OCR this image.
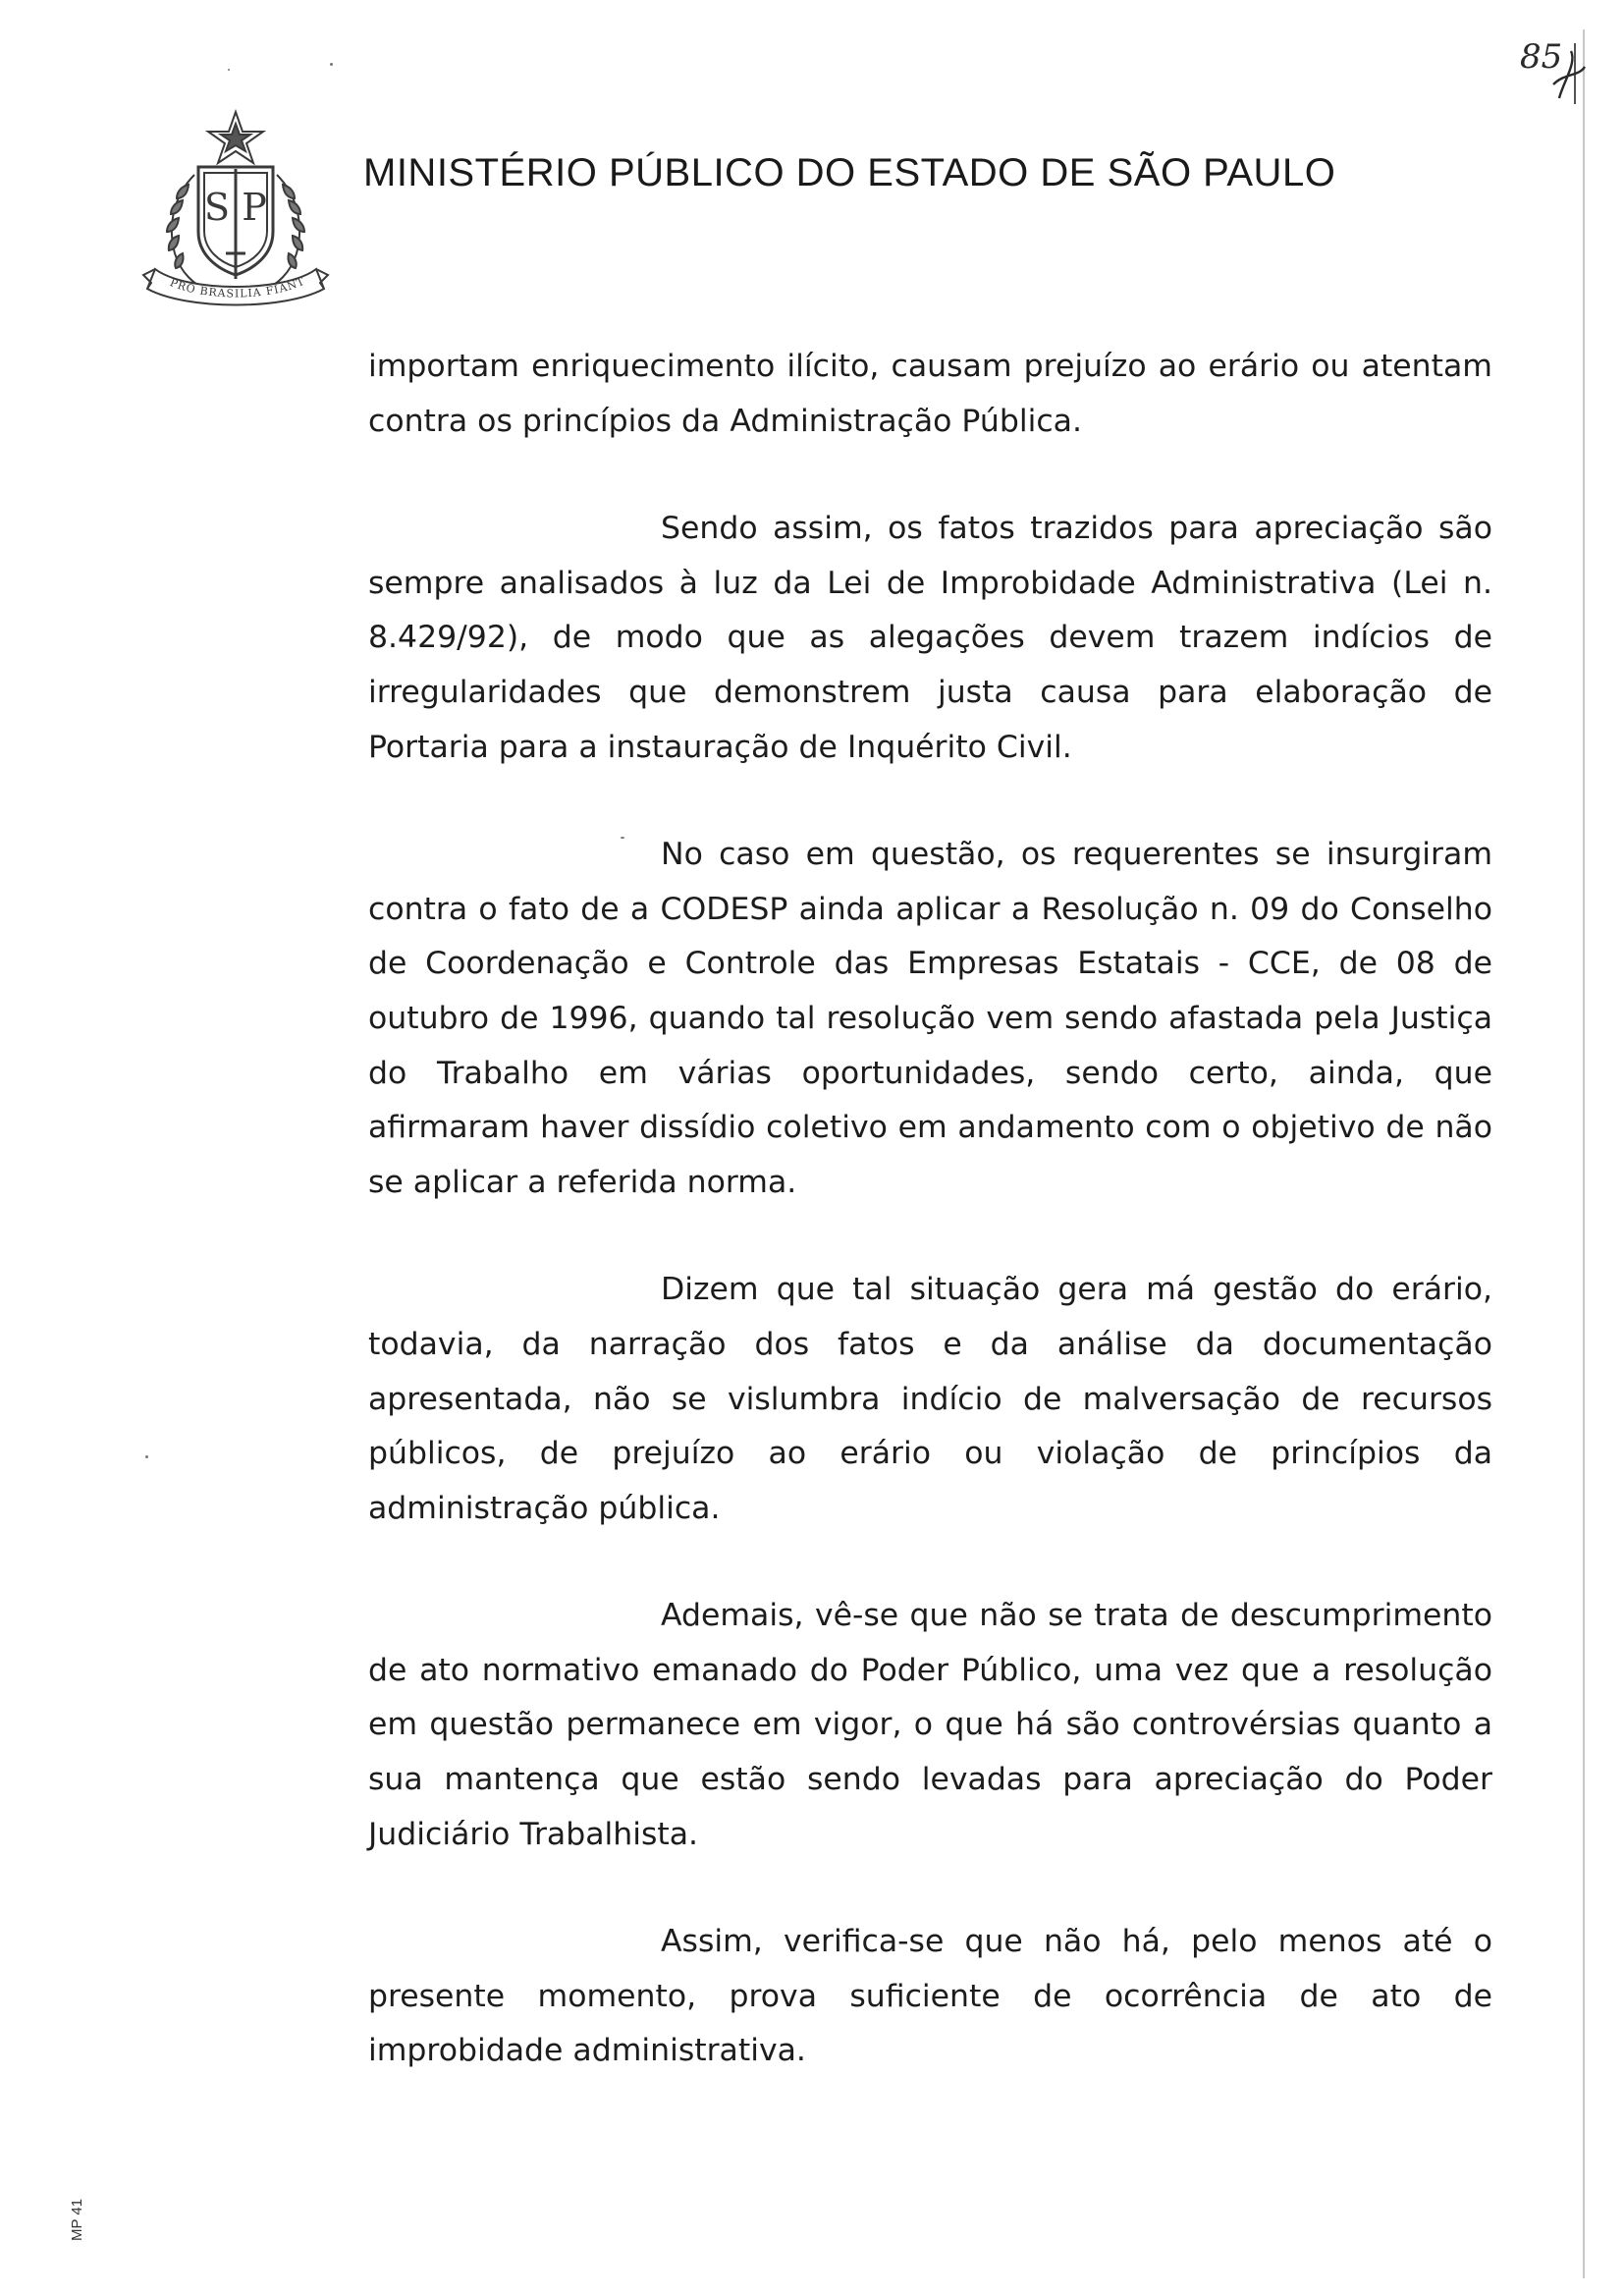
S P
PRO BRASILIA FIANT
MINISTÉRIO PÚBLICO DO ESTADO DE SÃO PAULO
85

importam enriquecimento ilícito, causam prejuízo ao erário ou atentam contra os princípios da Administração Pública.

Sendo assim, os fatos trazidos para apreciação são sempre analisados à luz da Lei de Improbidade Administrativa (Lei n. 8.429/92), de modo que as alegações devem trazem indícios de irregularidades que demonstrem justa causa para elaboração de Portaria para a instauração de Inquérito Civil.

No caso em questão, os requerentes se insurgiram contra o fato de a CODESP ainda aplicar a Resolução n. 09 do Conselho de Coordenação e Controle das Empresas Estatais - CCE, de 08 de outubro de 1996, quando tal resolução vem sendo afastada pela Justiça do Trabalho em várias oportunidades, sendo certo, ainda, que afirmaram haver dissídio coletivo em andamento com o objetivo de não se aplicar a referida norma.

Dizem que tal situação gera má gestão do erário, todavia, da narração dos fatos e da análise da documentação apresentada, não se vislumbra indício de malversação de recursos públicos, de prejuízo ao erário ou violação de princípios da administração pública.

Ademais, vê-se que não se trata de descumprimento de ato normativo emanado do Poder Público, uma vez que a resolução em questão permanece em vigor, o que há são controvérsias quanto a sua mantença que estão sendo levadas para apreciação do Poder Judiciário Trabalhista.

Assim, verifica-se que não há, pelo menos até o presente momento, prova suficiente de ocorrência de ato de improbidade administrativa.

MP 41
